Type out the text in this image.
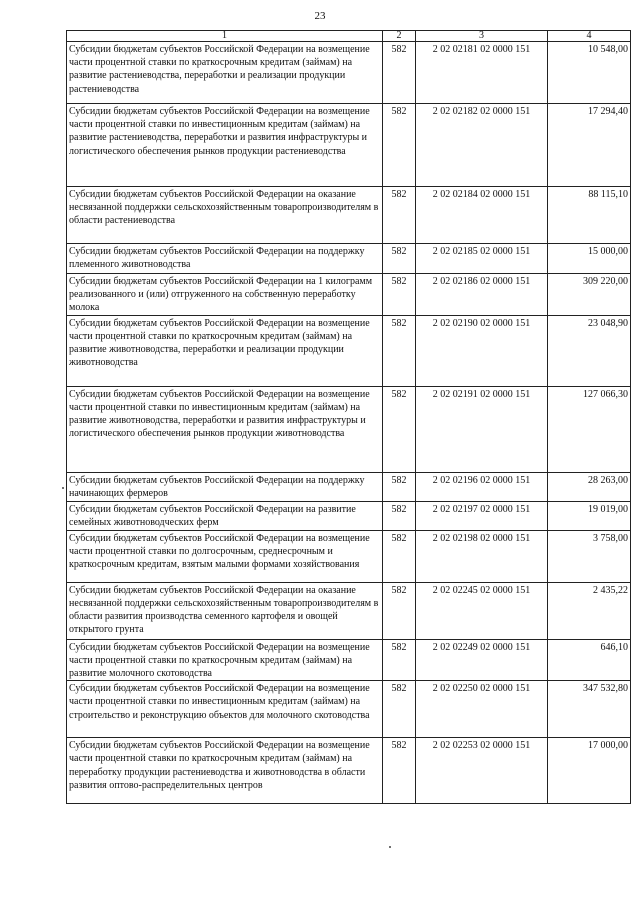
23
1	2	3	4
Субсидии бюджетам субъектов Российской Федерации на возмещение части процентной ставки по краткосрочным кредитам (займам) на развитие растениеводства, переработки и реализации продукции растениеводства	582	2 02 02181 02 0000 151	10 548,00
Субсидии бюджетам субъектов Российской Федерации на возмещение части процентной ставки по инвестиционным кредитам (займам) на развитие растениеводства, переработки и развития инфраструктуры и логистического обеспечения рынков продукции растениеводства	582	2 02 02182 02 0000 151	17 294,40
Субсидии бюджетам субъектов Российской Федерации на оказание несвязанной поддержки сельскохозяйственным товаропроизводителям в области растениеводства	582	2 02 02184 02 0000 151	88 115,10
Субсидии бюджетам субъектов Российской Федерации на поддержку племенного животноводства	582	2 02 02185 02 0000 151	15 000,00
Субсидии бюджетам субъектов Российской Федерации на 1 килограмм реализованного и (или) отгруженного на собственную переработку молока	582	2 02 02186 02 0000 151	309 220,00
Субсидии бюджетам субъектов Российской Федерации на возмещение части процентной ставки по краткосрочным кредитам (займам) на развитие животноводства, переработки и реализации продукции животноводства	582	2 02 02190 02 0000 151	23 048,90
Субсидии бюджетам субъектов Российской Федерации на возмещение части процентной ставки по инвестиционным кредитам (займам) на развитие животноводства, переработки и развития инфраструктуры и логистического обеспечения рынков продукции животноводства	582	2 02 02191 02 0000 151	127 066,30
Субсидии бюджетам субъектов Российской Федерации на поддержку начинающих фермеров	582	2 02 02196 02 0000 151	28 263,00
Субсидии бюджетам субъектов Российской Федерации на развитие семейных животноводческих ферм	582	2 02 02197 02 0000 151	19 019,00
Субсидии бюджетам субъектов Российской Федерации на возмещение части процентной ставки по долгосрочным, среднесрочным и краткосрочным кредитам, взятым малыми формами хозяйствования	582	2 02 02198 02 0000 151	3 758,00
Субсидии бюджетам субъектов Российской Федерации на оказание несвязанной поддержки сельскохозяйственным товаропроизводителям в области развития производства семенного картофеля и овощей открытого грунта	582	2 02 02245 02 0000 151	2 435,22
Субсидии бюджетам субъектов Российской Федерации на возмещение части процентной ставки по краткосрочным кредитам (займам) на развитие молочного скотоводства	582	2 02 02249 02 0000 151	646,10
Субсидии бюджетам субъектов Российской Федерации на возмещение части процентной ставки по инвестиционным кредитам (займам) на строительство и реконструкцию объектов для молочного скотоводства	582	2 02 02250 02 0000 151	347 532,80
Субсидии бюджетам субъектов Российской Федерации на возмещение части процентной ставки по краткосрочным кредитам (займам) на переработку продукции растениеводства и животноводства в области развития оптово-распределительных центров	582	2 02 02253 02 0000 151	17 000,00
